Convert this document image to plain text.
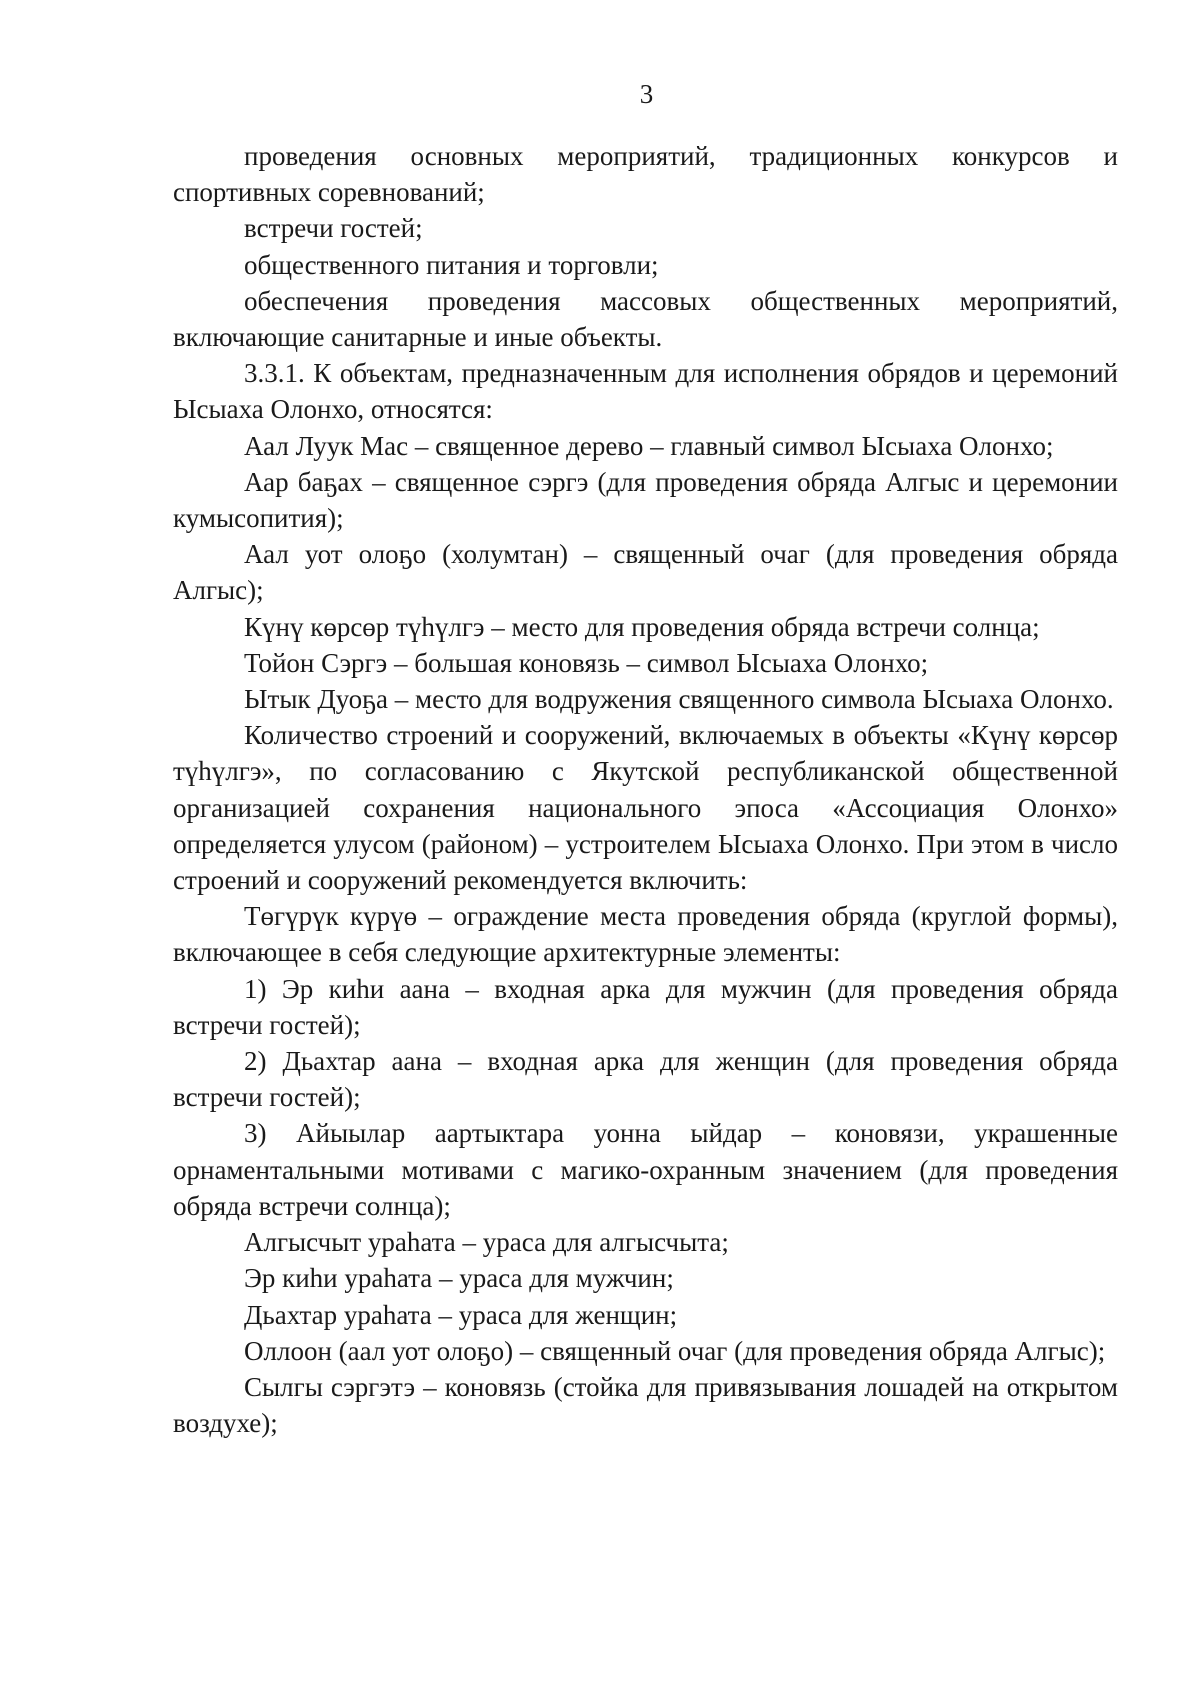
3

проведения основных мероприятий, традиционных конкурсов и спортивных соревнований;

встречи гостей;

общественного питания и торговли;

обеспечения проведения массовых общественных мероприятий, включающие санитарные и иные объекты.

3.3.1. К объектам, предназначенным для исполнения обрядов и церемоний Ысыаха Олонхо, относятся:

Аал Луук Мас – священное дерево – главный символ Ысыаха Олонхо;

Аар баҕах – священное сэргэ (для проведения обряда Алгыс и церемонии кумысопития);

Аал уот олоҕо (холумтан) – священный очаг (для проведения обряда Алгыс);

Күнү көрсөр түһүлгэ – место для проведения обряда встречи солнца;

Тойон Сэргэ – большая коновязь – символ Ысыаха Олонхо;

Ытык Дуоҕа – место для водружения священного символа Ысыаха Олонхо.

Количество строений и сооружений, включаемых в объекты «Күнү көрсөр түһүлгэ», по согласованию с Якутской республиканской общественной организацией сохранения национального эпоса «Ассоциация Олонхо» определяется улусом (районом) – устроителем Ысыаха Олонхо. При этом в число строений и сооружений рекомендуется включить:

Төгүрүк күрүө – ограждение места проведения обряда (круглой формы), включающее в себя следующие архитектурные элементы:

1) Эр киһи аана – входная арка для мужчин (для проведения обряда встречи гостей);

2) Дьахтар аана – входная арка для женщин (для проведения обряда встречи гостей);

3) Айыылар аартыктара уонна ыйдар – коновязи, украшенные орнаментальными мотивами с магико-охранным значением (для проведения обряда встречи солнца);

Алгысчыт ураһата – ураса для алгысчыта;

Эр киһи ураһата – ураса для мужчин;

Дьахтар ураһата – ураса для женщин;

Оллоон (аал уот олоҕо) – священный очаг (для проведения обряда Алгыс);

Сылгы сэргэтэ – коновязь (стойка для привязывания лошадей на открытом воздухе);
